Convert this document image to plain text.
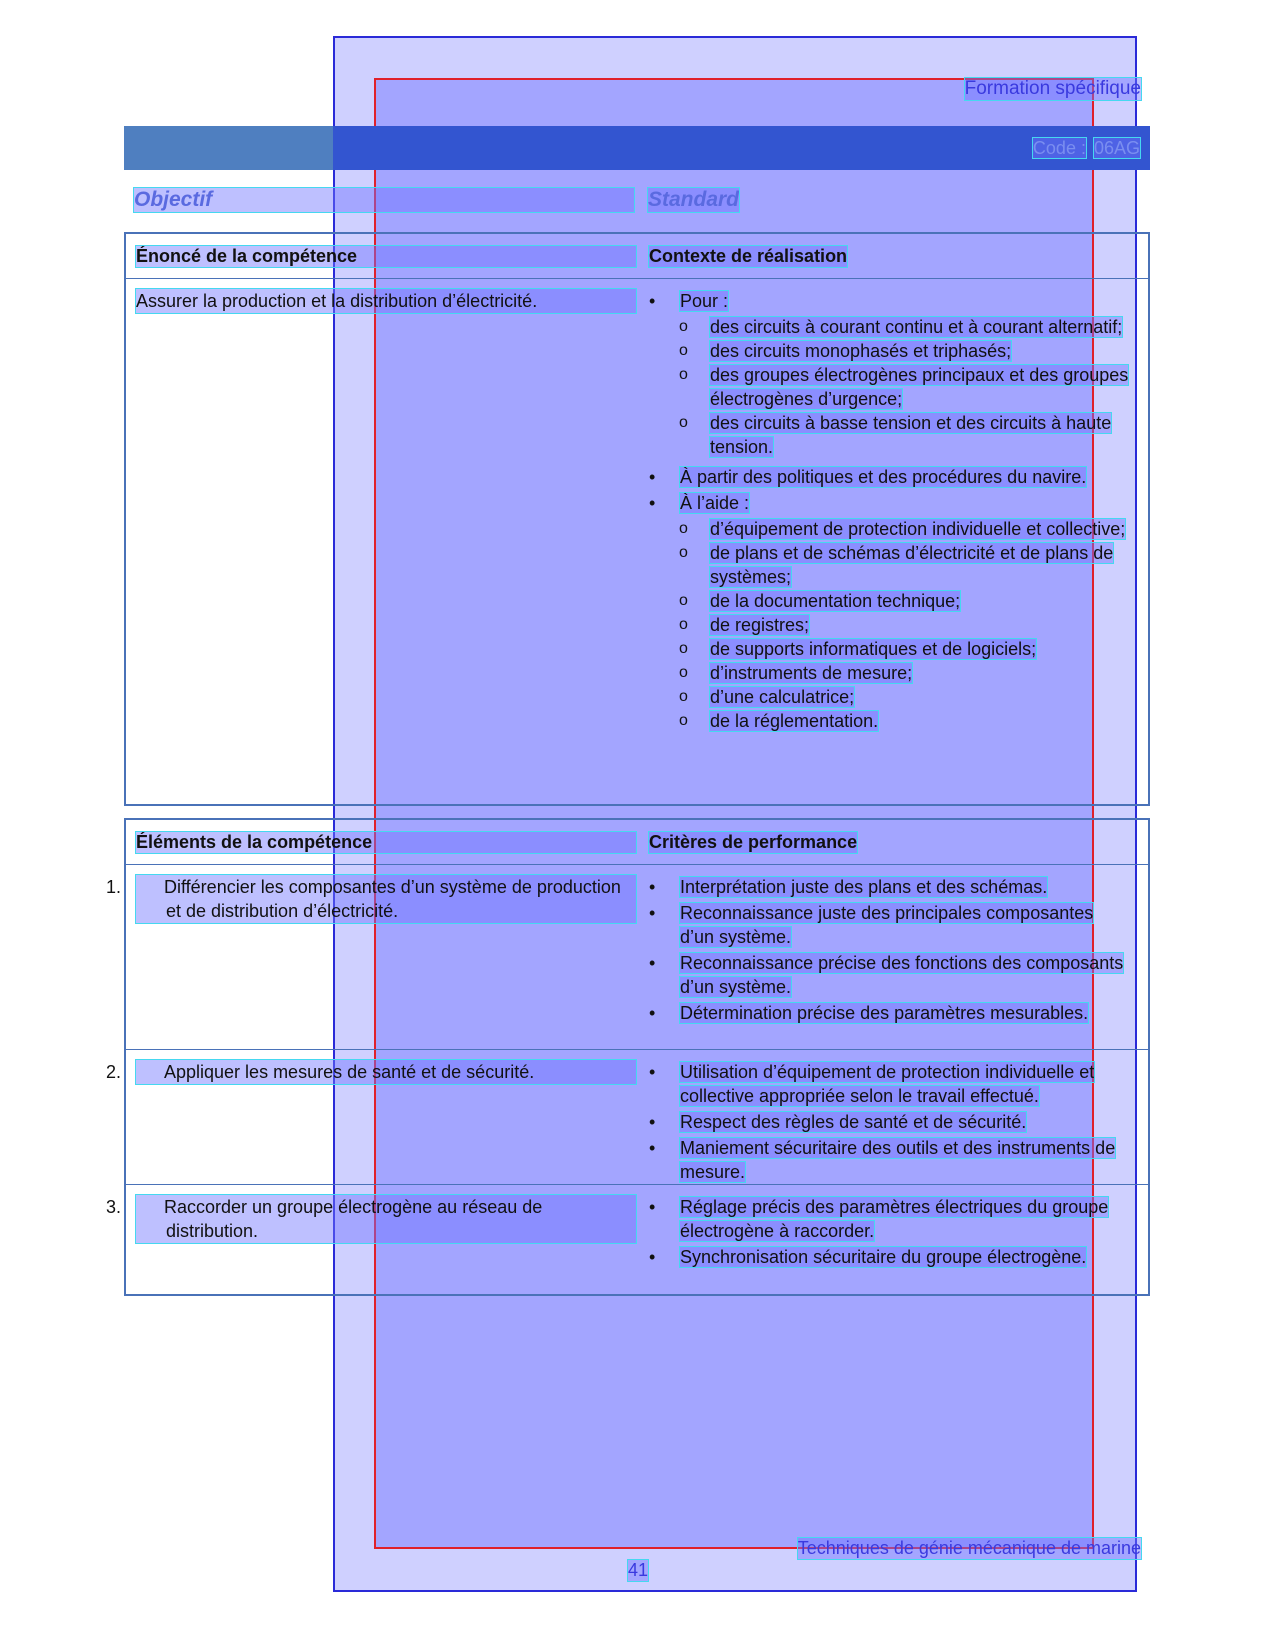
Formation spécifique
Code : 06AG
Objectif	Standard
Énoncé de la compétence	Contexte de réalisation
Assurer la production et la distribution d’électricité.	• Pour :
o des circuits à courant continu et à courant alternatif;
o des circuits monophasés et triphasés;
o des groupes électrogènes principaux et des groupes électrogènes d’urgence;
o des circuits à basse tension et des circuits à haute tension.
• À partir des politiques et des procédures du navire.
• À l’aide :
o d’équipement de protection individuelle et collective;
o de plans et de schémas d’électricité et de plans de systèmes;
o de la documentation technique;
o de registres;
o de supports informatiques et de logiciels;
o d’instruments de mesure;
o d’une calculatrice;
o de la réglementation.
Éléments de la compétence	Critères de performance
1. Différencier les composantes d’un système de production et de distribution d’électricité.
• Interprétation juste des plans et des schémas.
• Reconnaissance juste des principales composantes d’un système.
• Reconnaissance précise des fonctions des composants d’un système.
• Détermination précise des paramètres mesurables.
2. Appliquer les mesures de santé et de sécurité.	• Utilisation d’équipement de protection individuelle et collective appropriée selon le travail effectué.
• Respect des règles de santé et de sécurité.
• Maniement sécuritaire des outils et des instruments de mesure.
3. Raccorder un groupe électrogène au réseau de distribution.
• Réglage précis des paramètres électriques du groupe électrogène à raccorder.
• Synchronisation sécuritaire du groupe électrogène.
Techniques de génie mécanique de marine
41
